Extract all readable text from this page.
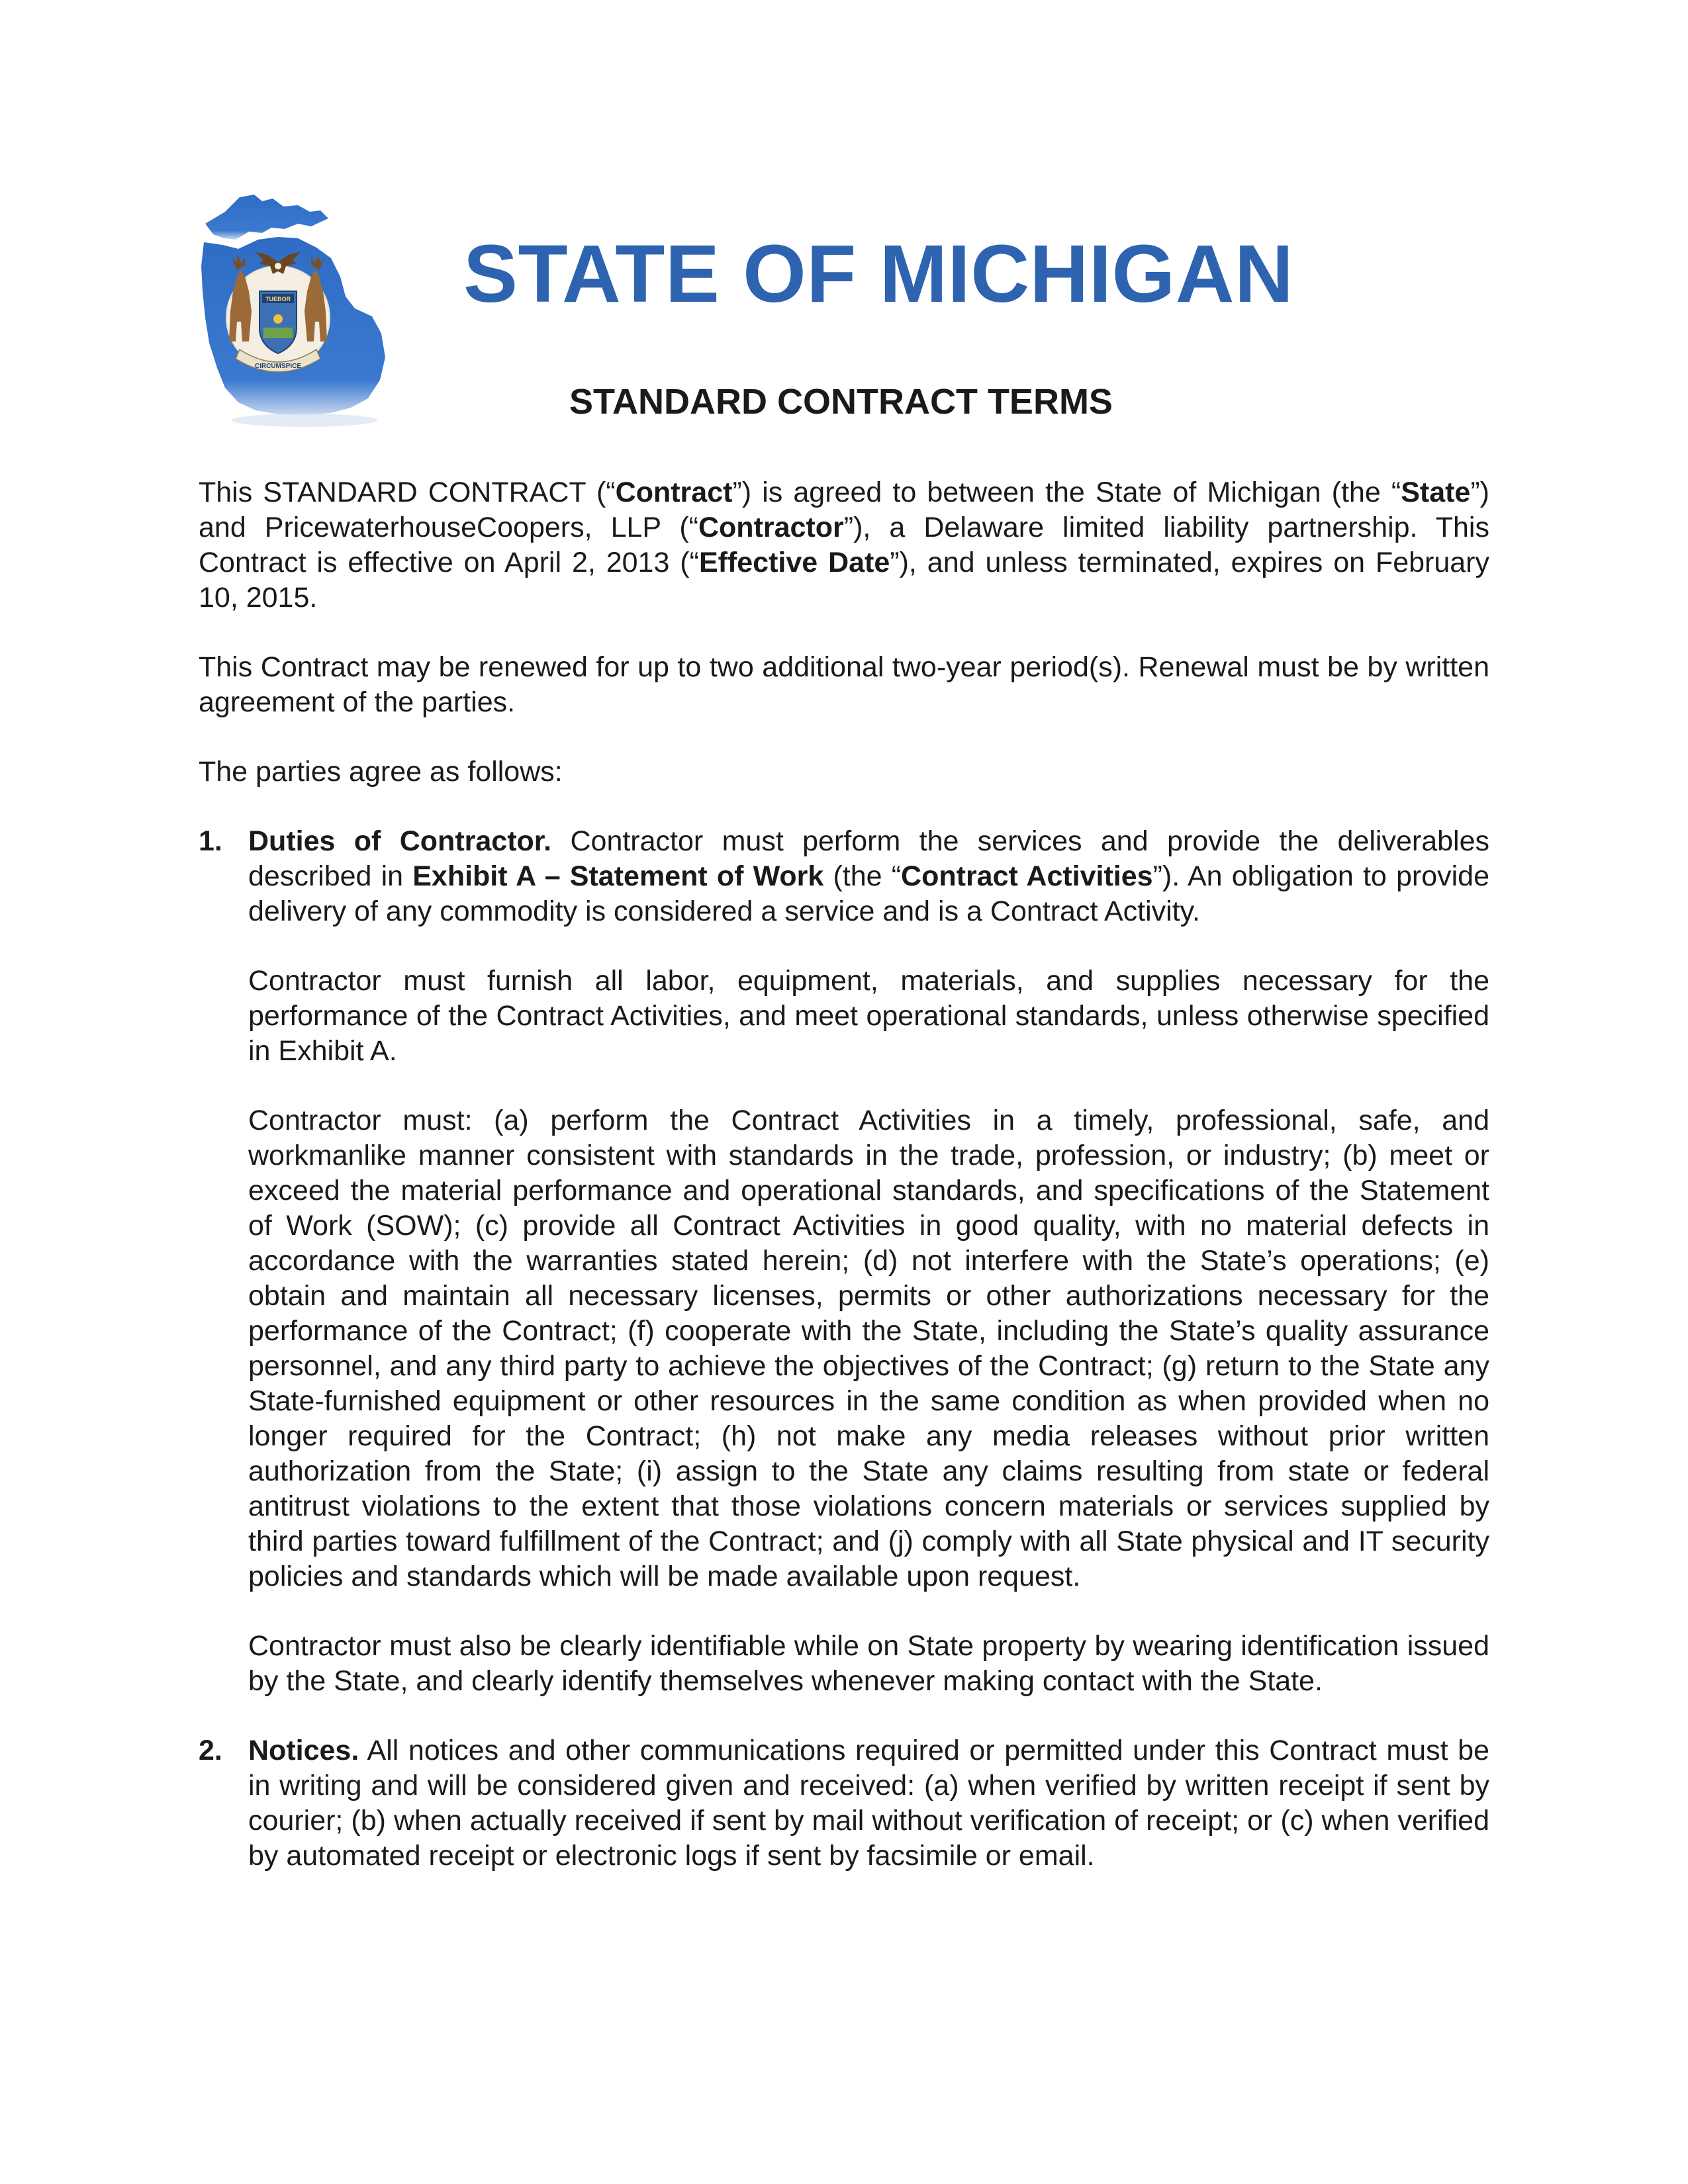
TUEBOR
CIRCUMSPICE
STATE OF MICHIGAN
STANDARD CONTRACT TERMS

This STANDARD CONTRACT (“Contract”) is agreed to between the State of Michigan (the “State”) and PricewaterhouseCoopers, LLP (“Contractor”), a Delaware limited liability partnership. This Contract is effective on April 2, 2013 (“Effective Date”), and unless terminated, expires on February 10, 2015.

This Contract may be renewed for up to two additional two-year period(s). Renewal must be by written agreement of the parties.

The parties agree as follows:

1. Duties of Contractor. Contractor must perform the services and provide the deliverables described in Exhibit A – Statement of Work (the “Contract Activities”). An obligation to provide delivery of any commodity is considered a service and is a Contract Activity.

Contractor must furnish all labor, equipment, materials, and supplies necessary for the performance of the Contract Activities, and meet operational standards, unless otherwise specified in Exhibit A.

Contractor must: (a) perform the Contract Activities in a timely, professional, safe, and workmanlike manner consistent with standards in the trade, profession, or industry; (b) meet or exceed the material performance and operational standards, and specifications of the Statement of Work (SOW); (c) provide all Contract Activities in good quality, with no material defects in accordance with the warranties stated herein; (d) not interfere with the State’s operations; (e) obtain and maintain all necessary licenses, permits or other authorizations necessary for the performance of the Contract; (f) cooperate with the State, including the State’s quality assurance personnel, and any third party to achieve the objectives of the Contract; (g) return to the State any State-furnished equipment or other resources in the same condition as when provided when no longer required for the Contract; (h) not make any media releases without prior written authorization from the State; (i) assign to the State any claims resulting from state or federal antitrust violations to the extent that those violations concern materials or services supplied by third parties toward fulfillment of the Contract; and (j) comply with all State physical and IT security policies and standards which will be made available upon request.

Contractor must also be clearly identifiable while on State property by wearing identification issued by the State, and clearly identify themselves whenever making contact with the State.

2. Notices. All notices and other communications required or permitted under this Contract must be in writing and will be considered given and received: (a) when verified by written receipt if sent by courier; (b) when actually received if sent by mail without verification of receipt; or (c) when verified by automated receipt or electronic logs if sent by facsimile or email.
